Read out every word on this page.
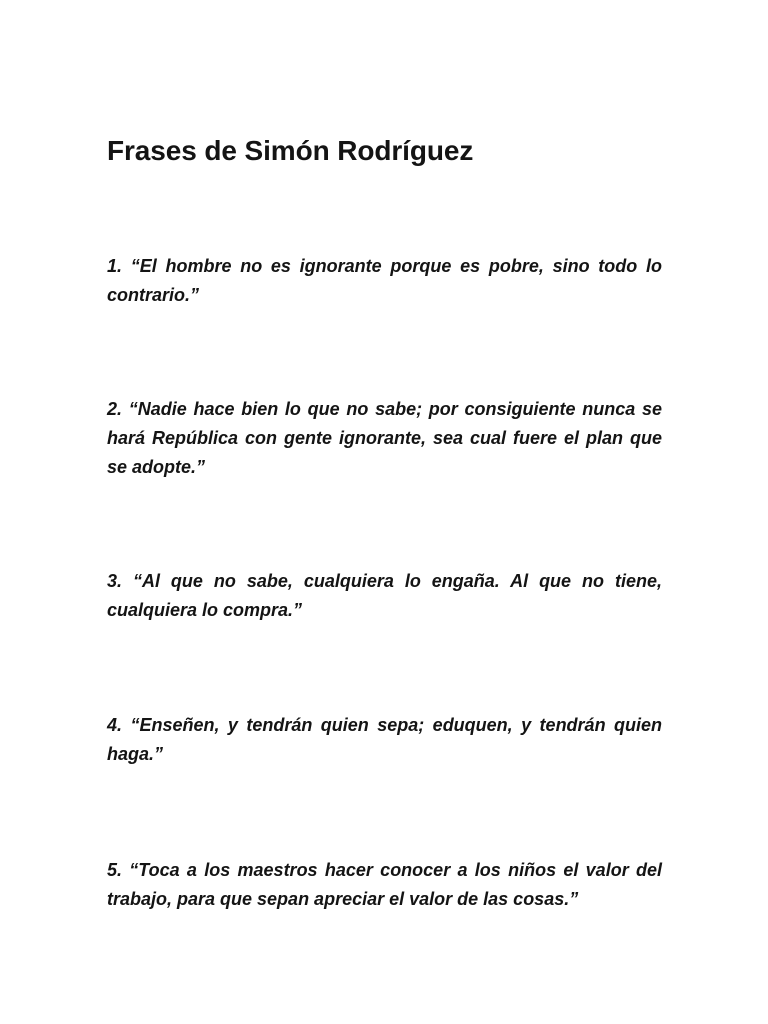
Frases de Simón Rodríguez

1. “El hombre no es ignorante porque es pobre, sino todo lo contrario.”

2. “Nadie hace bien lo que no sabe; por consiguiente nunca se hará República con gente ignorante, sea cual fuere el plan que se adopte.”

3. “Al que no sabe, cualquiera lo engaña. Al que no tiene, cualquiera lo compra.”

4. “Enseñen, y tendrán quien sepa; eduquen, y tendrán quien haga.”

5. “Toca a los maestros hacer conocer a los niños el valor del trabajo, para que sepan apreciar el valor de las cosas.”
